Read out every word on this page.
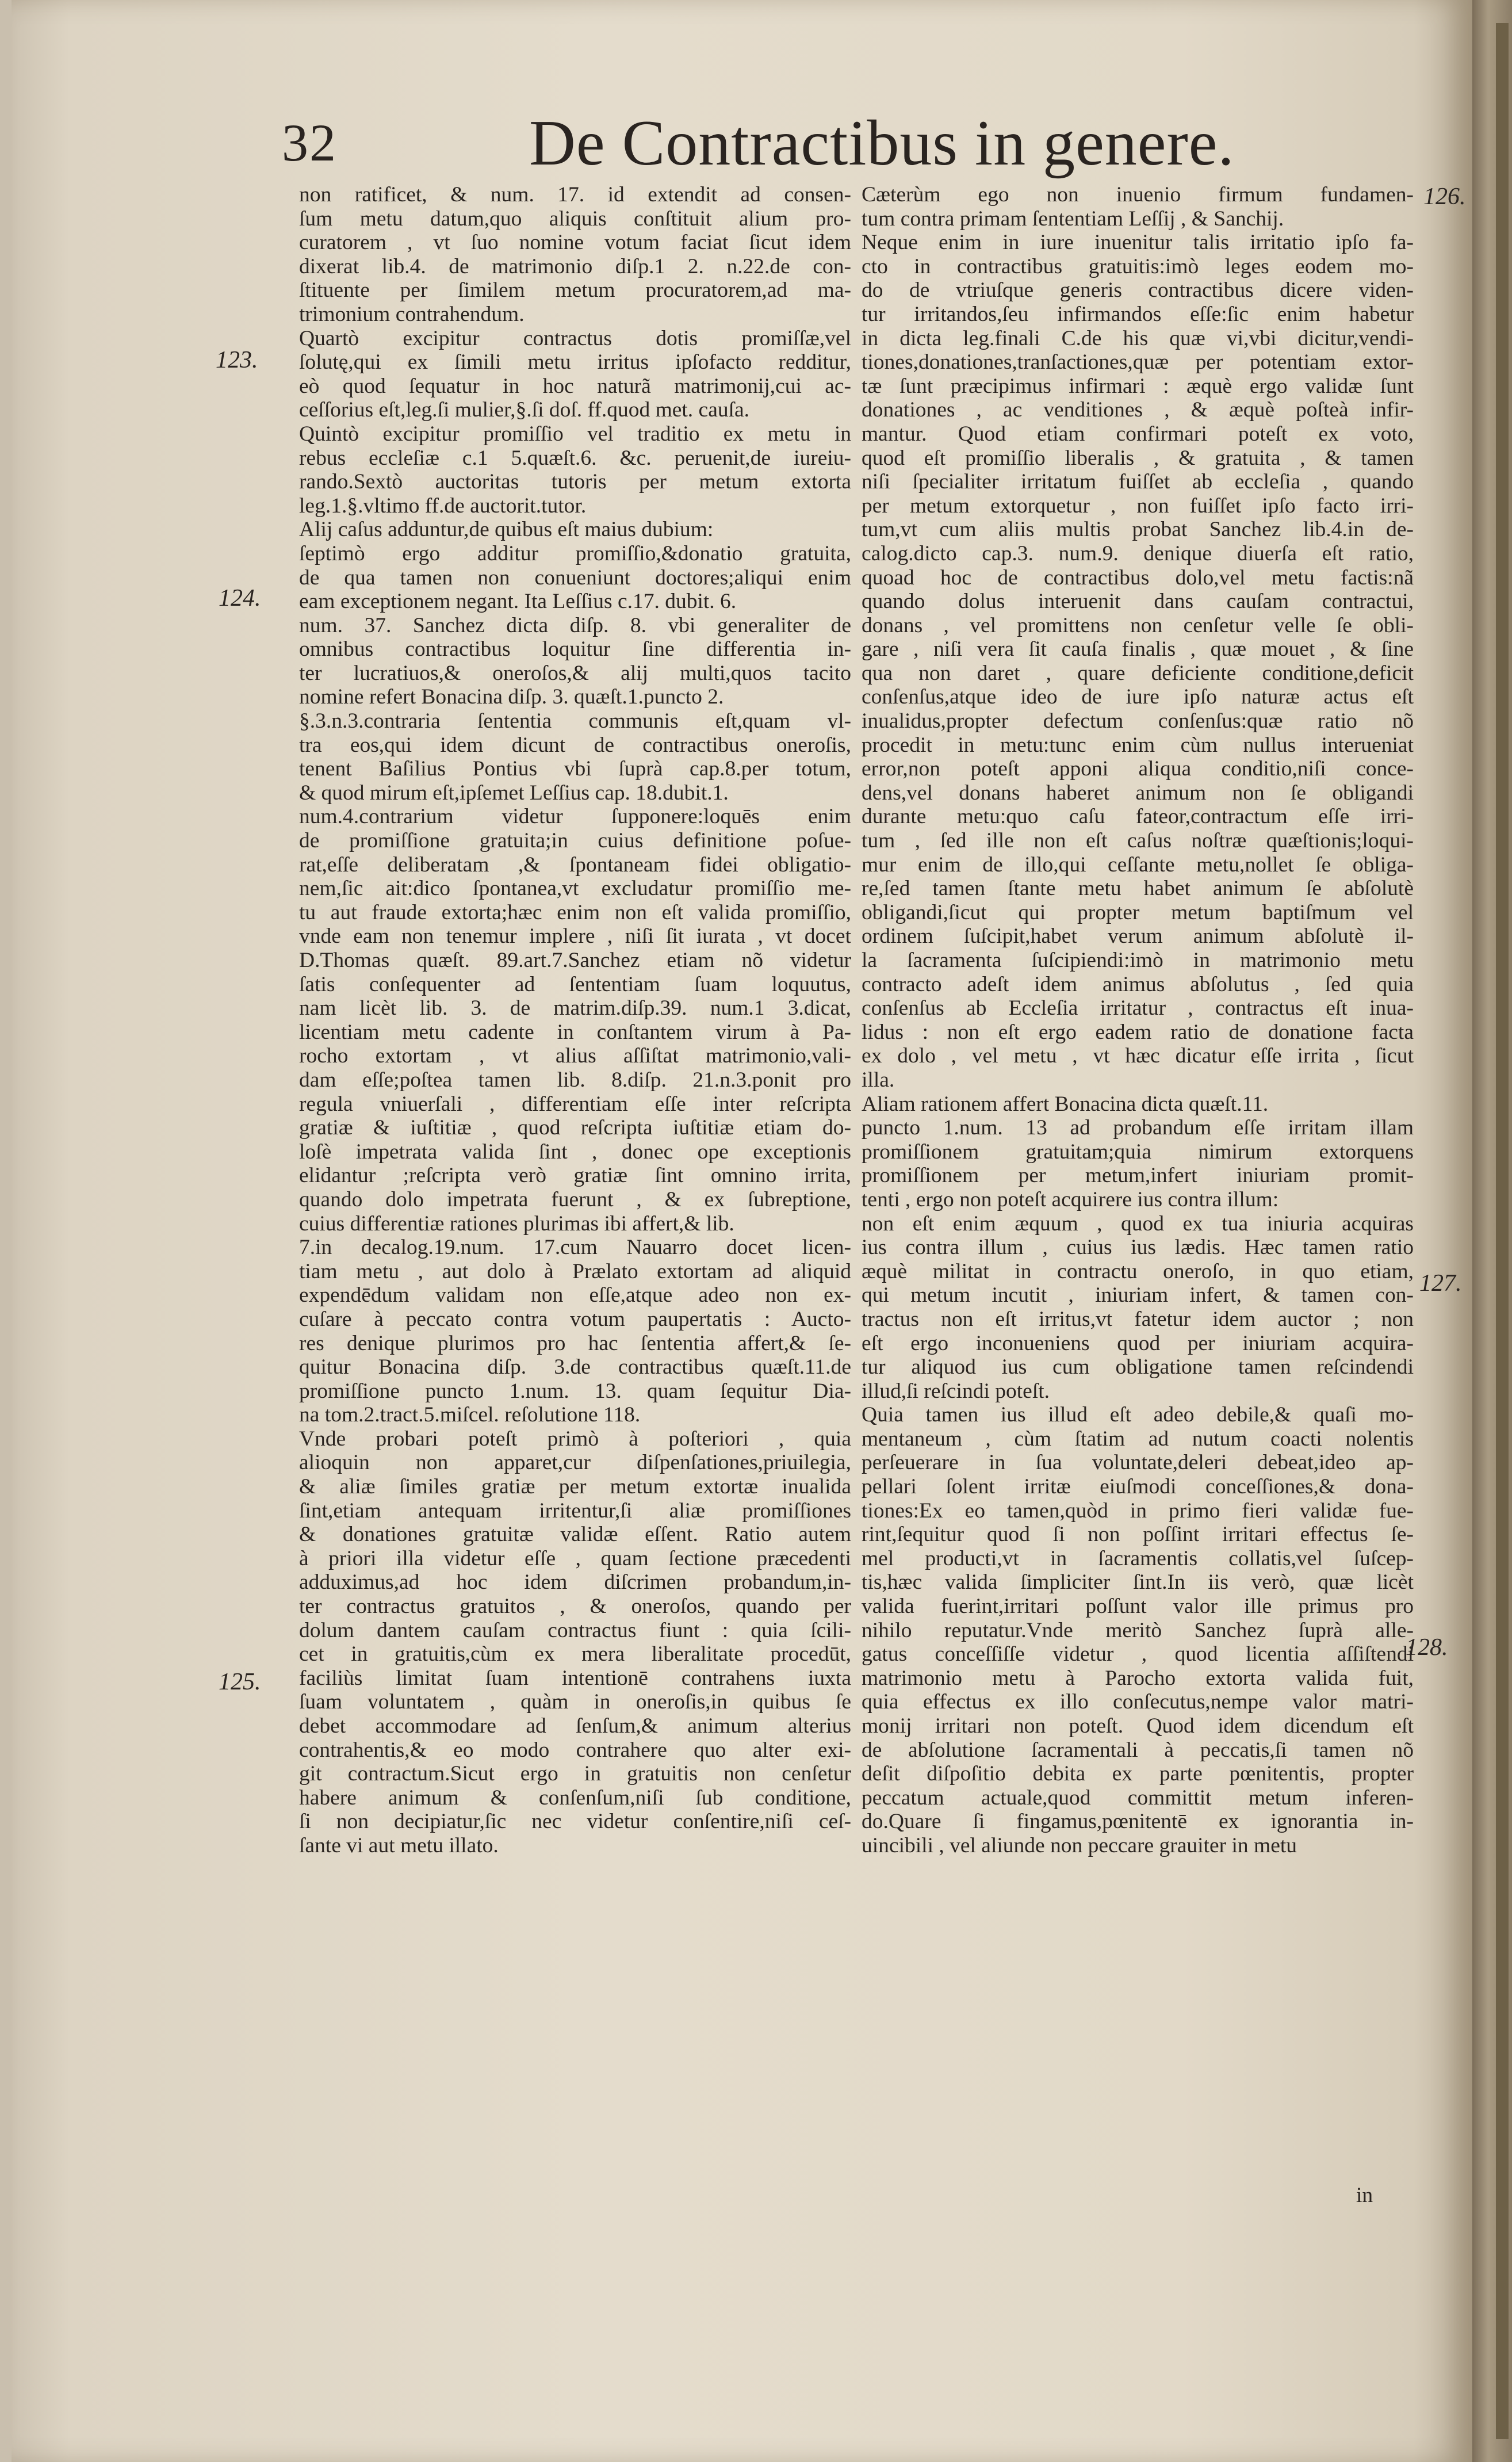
32	De Contractibus in genere.
non ratificet, & num. 17. id extendit ad consen-
ſum metu datum,quo aliquis conſtituit alium pro-
curatorem , vt ſuo nomine votum faciat ſicut idem
dixerat lib.4. de matrimonio diſp.1 2. n.22.de con-
ſtituente per ſimilem metum procuratorem,ad ma-
trimonium contrahendum.
Quartò excipitur contractus dotis promiſſæ,vel
ſolutę,qui ex ſimili metu irritus ipſofacto redditur,
eò quod ſequatur in hoc naturã matrimonij,cui ac-
ceſſorius eſt,leg.ſi mulier,§.ſi doſ. ff.quod met. cauſa.
Quintò excipitur promiſſio vel traditio ex metu in
rebus eccleſiæ c.1 5.quæſt.6. &c. peruenit,de iureiu-
rando.Sextò auctoritas tutoris per metum extorta
leg.1.§.vltimo ff.de auctorit.tutor.
Alij caſus adduntur,de quibus eſt maius dubium:
ſeptimò ergo additur promiſſio,&donatio gratuita,
de qua tamen non conueniunt doctores;aliqui enim
eam exceptionem negant. Ita Leſſius c.17. dubit. 6.
num. 37. Sanchez dicta diſp. 8. vbi generaliter de
omnibus contractibus loquitur ſine differentia in-
ter lucratiuos,& oneroſos,& alij multi,quos tacito
nomine refert Bonacina diſp. 3. quæſt.1.puncto 2.
§.3.n.3.contraria ſententia communis eſt,quam vl-
tra eos,qui idem dicunt de contractibus oneroſis,
tenent Baſilius Pontius vbi ſuprà cap.8.per totum,
& quod mirum eſt,ipſemet Leſſius cap. 18.dubit.1.
num.4.contrarium videtur ſupponere:loquēs enim
de promiſſione gratuita;in cuius definitione poſue-
rat,eſſe deliberatam ,& ſpontaneam fidei obligatio-
nem,ſic ait:dico ſpontanea,vt excludatur promiſſio me-
tu aut fraude extorta;hæc enim non eſt valida promiſſio,
vnde eam non tenemur implere , niſi ſit iurata , vt docet
D.Thomas quæſt. 89.art.7.Sanchez etiam nõ videtur
ſatis conſequenter ad ſententiam ſuam loquutus,
nam licèt lib. 3. de matrim.diſp.39. num.1 3.dicat,
licentiam metu cadente in conſtantem virum à Pa-
rocho extortam , vt alius aſſiſtat matrimonio,vali-
dam eſſe;poſtea tamen lib. 8.diſp. 21.n.3.ponit pro
regula vniuerſali , differentiam eſſe inter reſcripta
gratiæ & iuſtitiæ , quod reſcripta iuſtitiæ etiam do-
loſè impetrata valida ſint , donec ope exceptionis
elidantur ;reſcripta verò gratiæ ſint omnino irrita,
quando dolo impetrata fuerunt , & ex ſubreptione,
cuius differentiæ rationes plurimas ibi affert,& lib.
7.in decalog.19.num. 17.cum Nauarro docet licen-
tiam metu , aut dolo à Prælato extortam ad aliquid
expendēdum validam non eſſe,atque adeo non ex-
cuſare à peccato contra votum paupertatis : Aucto-
res denique plurimos pro hac ſententia affert,& ſe-
quitur Bonacina diſp. 3.de contractibus quæſt.11.de
promiſſione puncto 1.num. 13. quam ſequitur Dia-
na tom.2.tract.5.miſcel. reſolutione 118.
Vnde probari poteſt primò à poſteriori , quia
alioquin non apparet,cur diſpenſationes,priuilegia,
& aliæ ſimiles gratiæ per metum extortæ inualida
ſint,etiam antequam irritentur,ſi aliæ promiſſiones
& donationes gratuitæ validæ eſſent. Ratio autem
à priori illa videtur eſſe , quam ſectione præcedenti
adduximus,ad hoc idem diſcrimen probandum,in-
ter contractus gratuitos , & oneroſos, quando per
dolum dantem cauſam contractus fiunt : quia ſcili-
cet in gratuitis,cùm ex mera liberalitate procedūt,
faciliùs limitat ſuam intentionē contrahens iuxta
ſuam voluntatem , quàm in oneroſis,in quibus ſe
debet accommodare ad ſenſum,& animum alterius
contrahentis,& eo modo contrahere quo alter exi-
git contractum.Sicut ergo in gratuitis non cenſetur
habere animum & conſenſum,niſi ſub conditione,
ſi non decipiatur,ſic nec videtur conſentire,niſi ceſ-
ſante vi aut metu illato.
Cæterùm ego non inuenio firmum fundamen-
tum contra primam ſententiam Leſſij , & Sanchij.
Neque enim in iure inuenitur talis irritatio ipſo fa-
cto in contractibus gratuitis:imò leges eodem mo-
do de vtriuſque generis contractibus dicere viden-
tur irritandos,ſeu infirmandos eſſe:ſic enim habetur
in dicta leg.finali C.de his quæ vi,vbi dicitur,vendi-
tiones,donationes,tranſactiones,quæ per potentiam extor-
tæ ſunt præcipimus infirmari : æquè ergo validæ ſunt
donationes , ac venditiones , & æquè poſteà infir-
mantur. Quod etiam confirmari poteſt ex voto,
quod eſt promiſſio liberalis , & gratuita , & tamen
niſi ſpecialiter irritatum fuiſſet ab eccleſia , quando
per metum extorquetur , non fuiſſet ipſo facto irri-
tum,vt cum aliis multis probat Sanchez lib.4.in de-
calog.dicto cap.3. num.9. denique diuerſa eſt ratio,
quoad hoc de contractibus dolo,vel metu factis:nã
quando dolus interuenit dans cauſam contractui,
donans , vel promittens non cenſetur velle ſe obli-
gare , niſi vera ſit cauſa finalis , quæ mouet , & ſine
qua non daret , quare deficiente conditione,deficit
conſenſus,atque ideo de iure ipſo naturæ actus eſt
inualidus,propter defectum conſenſus:quæ ratio nõ
procedit in metu:tunc enim cùm nullus interueniat
error,non poteſt apponi aliqua conditio,niſi conce-
dens,vel donans haberet animum non ſe obligandi
durante metu:quo caſu fateor,contractum eſſe irri-
tum , ſed ille non eſt caſus noſtræ quæſtionis;loqui-
mur enim de illo,qui ceſſante metu,nollet ſe obliga-
re,ſed tamen ſtante metu habet animum ſe abſolutè
obligandi,ſicut qui propter metum baptiſmum vel
ordinem ſuſcipit,habet verum animum abſolutè il-
la ſacramenta ſuſcipiendi:imò in matrimonio metu
contracto adeſt idem animus abſolutus , ſed quia
conſenſus ab Eccleſia irritatur , contractus eſt inua-
lidus : non eſt ergo eadem ratio de donatione facta
ex dolo , vel metu , vt hæc dicatur eſſe irrita , ſicut
illa.
Aliam rationem affert Bonacina dicta quæſt.11.
puncto 1.num. 13 ad probandum eſſe irritam illam
promiſſionem gratuitam;quia nimirum extorquens
promiſſionem per metum,infert iniuriam promit-
tenti , ergo non poteſt acquirere ius contra illum:
non eſt enim æquum , quod ex tua iniuria acquiras
ius contra illum , cuius ius lædis. Hæc tamen ratio
æquè militat in contractu oneroſo, in quo etiam,
qui metum incutit , iniuriam infert, & tamen con-
tractus non eſt irritus,vt fatetur idem auctor ; non
eſt ergo inconueniens quod per iniuriam acquira-
tur aliquod ius cum obligatione tamen reſcindendi
illud,ſi reſcindi poteſt.
Quia tamen ius illud eſt adeo debile,& quaſi mo-
mentaneum , cùm ſtatim ad nutum coacti nolentis
perſeuerare in ſua voluntate,deleri debeat,ideo ap-
pellari ſolent irritæ eiuſmodi conceſſiones,& dona-
tiones:Ex eo tamen,quòd in primo fieri validæ fue-
rint,ſequitur quod ſi non poſſint irritari effectus ſe-
mel producti,vt in ſacramentis collatis,vel ſuſcep-
tis,hæc valida ſimpliciter ſint.In iis verò, quæ licèt
valida fuerint,irritari poſſunt valor ille primus pro
nihilo reputatur.Vnde meritò Sanchez ſuprà alle-
gatus conceſſiſſe videtur , quod licentia aſſiſtendi
matrimonio metu à Parocho extorta valida fuit,
quia effectus ex illo conſecutus,nempe valor matri-
monij irritari non poteſt. Quod idem dicendum eſt
de abſolutione ſacramentali à peccatis,ſi tamen nõ
deſit diſpoſitio debita ex parte pœnitentis, propter
peccatum actuale,quod committit metum inferen-
do.Quare ſi fingamus,pœnitentē ex ignorantia in-
uincibili , vel aliunde non peccare grauiter in metu
123.
124.
125.
126.
127.
128.
in
